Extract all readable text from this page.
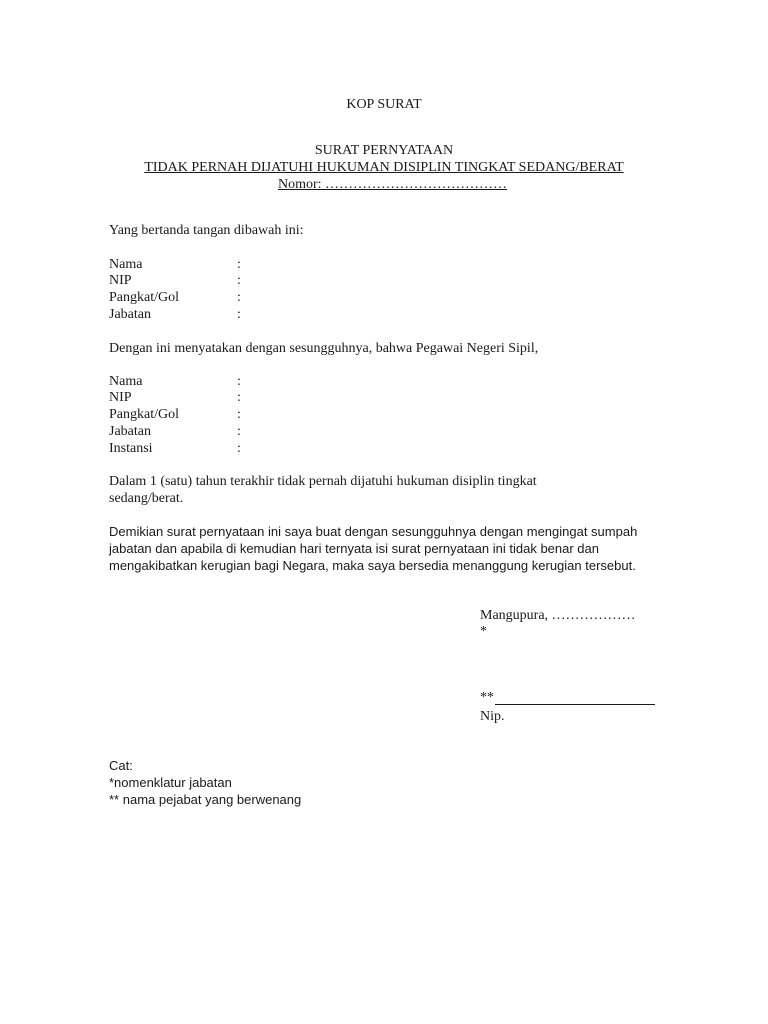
KOP SURAT
SURAT PERNYATAAN
TIDAK PERNAH DIJATUHI HUKUMAN DISIPLIN TINGKAT SEDANG/BERAT
Nomor: …………………………………
Yang bertanda tangan dibawah ini:
Nama	:
NIP	:
Pangkat/Gol	:
Jabatan	:
Dengan ini menyatakan dengan sesungguhnya, bahwa Pegawai Negeri Sipil,
Nama	:
NIP	:
Pangkat/Gol	:
Jabatan	:
Instansi	:
Dalam 1 (satu) tahun terakhir tidak pernah dijatuhi hukuman disiplin tingkat sedang/berat.
Demikian surat pernyataan ini saya buat dengan sesungguhnya dengan mengingat sumpah jabatan dan apabila di kemudian hari ternyata isi surat pernyataan ini tidak benar dan mengakibatkan kerugian bagi Negara, maka saya bersedia menanggung kerugian tersebut.
Mangupura, ………………
*
**
Nip.
Cat:
*nomenklatur jabatan
** nama pejabat yang berwenang
